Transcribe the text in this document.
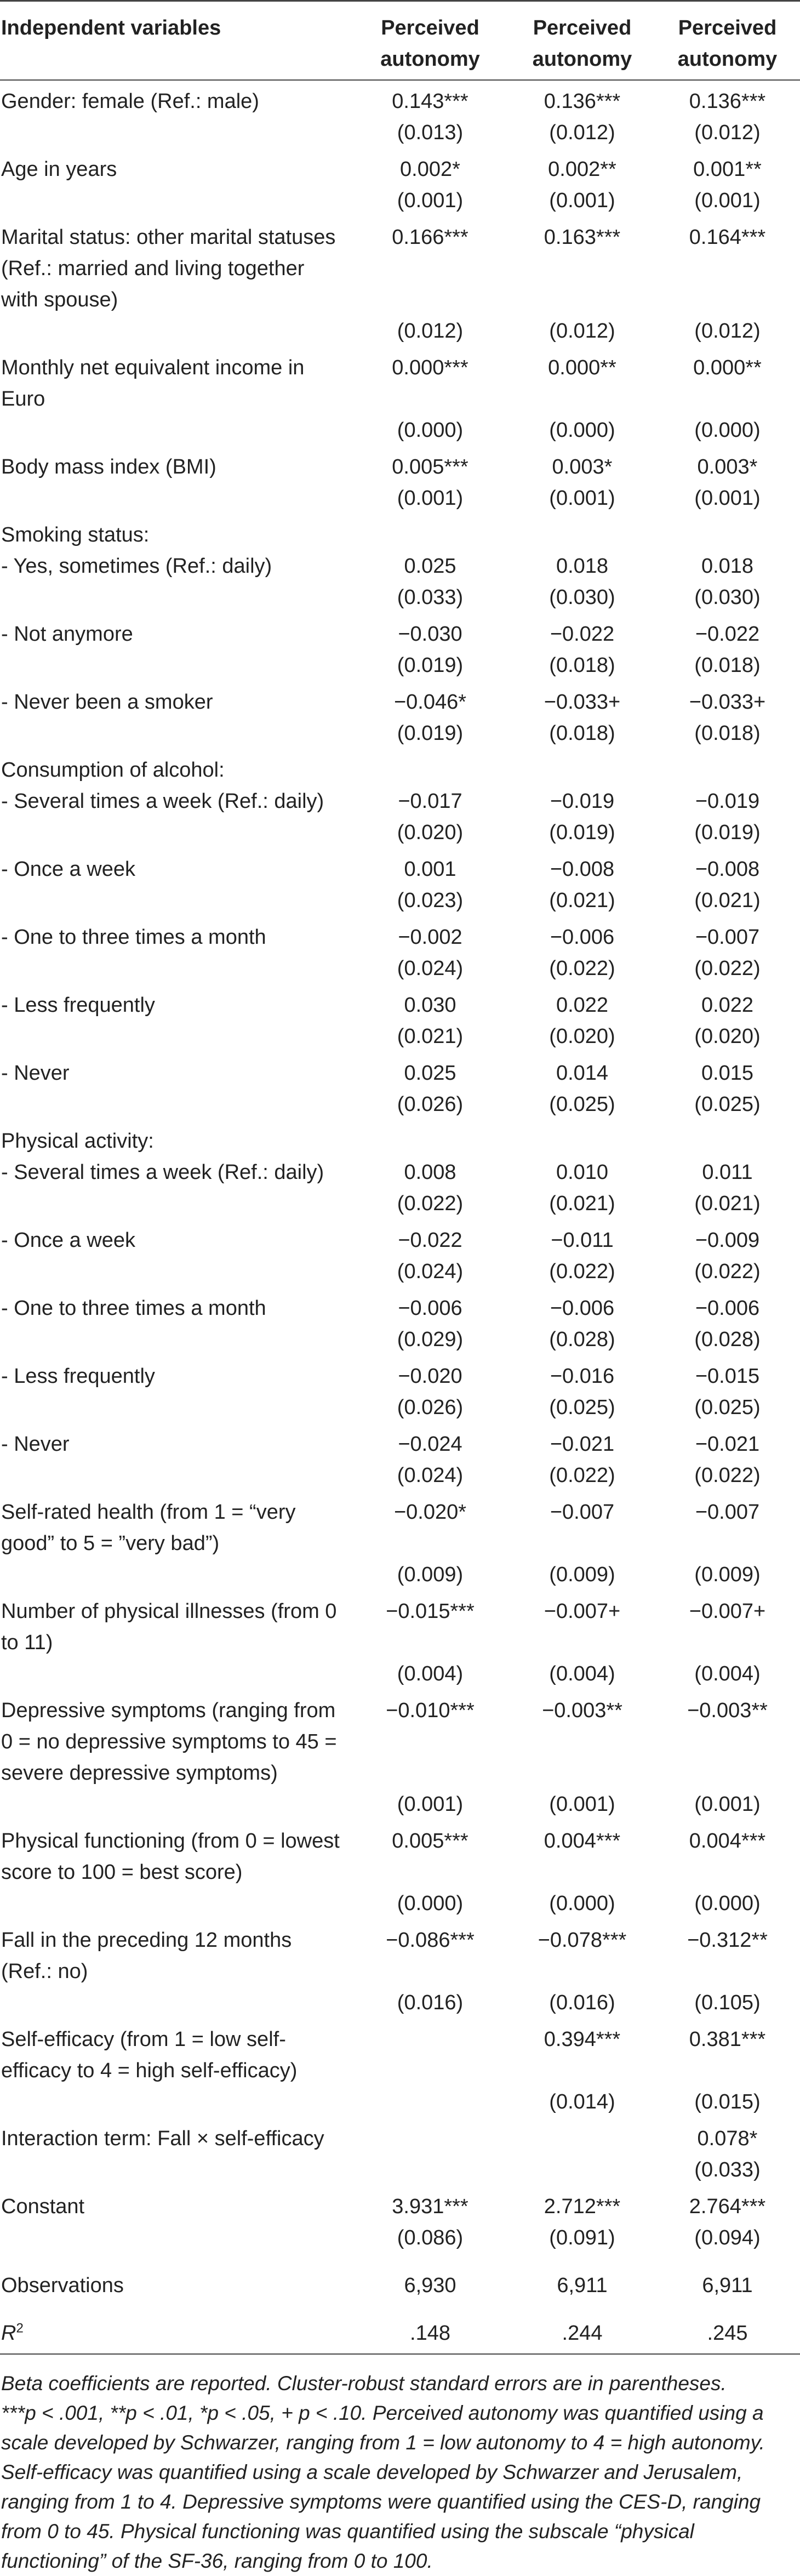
Independent variables	Perceived autonomy	Perceived autonomy	Perceived autonomy
Gender: female (Ref.: male)	0.143***	0.136***	0.136***
	(0.013)	(0.012)	(0.012)
Age in years	0.002*	0.002**	0.001**
	(0.001)	(0.001)	(0.001)
Marital status: other marital statuses (Ref.: married and living together with spouse)	0.166***	0.163***	0.164***
	(0.012)	(0.012)	(0.012)
Monthly net equivalent income in Euro	0.000***	0.000**	0.000**
	(0.000)	(0.000)	(0.000)
Body mass index (BMI)	0.005***	0.003*	0.003*
	(0.001)	(0.001)	(0.001)
Smoking status:			
- Yes, sometimes (Ref.: daily)	0.025	0.018	0.018
	(0.033)	(0.030)	(0.030)
- Not anymore	−0.030	−0.022	−0.022
	(0.019)	(0.018)	(0.018)
- Never been a smoker	−0.046*	−0.033+	−0.033+
	(0.019)	(0.018)	(0.018)
Consumption of alcohol:			
- Several times a week (Ref.: daily)	−0.017	−0.019	−0.019
	(0.020)	(0.019)	(0.019)
- Once a week	0.001	−0.008	−0.008
	(0.023)	(0.021)	(0.021)
- One to three times a month	−0.002	−0.006	−0.007
	(0.024)	(0.022)	(0.022)
- Less frequently	0.030	0.022	0.022
	(0.021)	(0.020)	(0.020)
- Never	0.025	0.014	0.015
	(0.026)	(0.025)	(0.025)
Physical activity:			
- Several times a week (Ref.: daily)	0.008	0.010	0.011
	(0.022)	(0.021)	(0.021)
- Once a week	−0.022	−0.011	−0.009
	(0.024)	(0.022)	(0.022)
- One to three times a month	−0.006	−0.006	−0.006
	(0.029)	(0.028)	(0.028)
- Less frequently	−0.020	−0.016	−0.015
	(0.026)	(0.025)	(0.025)
- Never	−0.024	−0.021	−0.021
	(0.024)	(0.022)	(0.022)
Self-rated health (from 1 = “very good” to 5 = ”very bad”)	−0.020*	−0.007	−0.007
	(0.009)	(0.009)	(0.009)
Number of physical illnesses (from 0 to 11)	−0.015***	−0.007+	−0.007+
	(0.004)	(0.004)	(0.004)
Depressive symptoms (ranging from 0 = no depressive symptoms to 45 = severe depressive symptoms)	−0.010***	−0.003**	−0.003**
	(0.001)	(0.001)	(0.001)
Physical functioning (from 0 = lowest score to 100 = best score)	0.005***	0.004***	0.004***
	(0.000)	(0.000)	(0.000)
Fall in the preceding 12 months (Ref.: no)	−0.086***	−0.078***	−0.312**
	(0.016)	(0.016)	(0.105)
Self-efficacy (from 1 = low self-efficacy to 4 = high self-efficacy)		0.394***	0.381***
		(0.014)	(0.015)
Interaction term: Fall × self-efficacy			0.078*
			(0.033)
Constant	3.931***	2.712***	2.764***
	(0.086)	(0.091)	(0.094)
Observations	6,930	6,911	6,911
$R^2$	.148	.244	.245

Beta coefficients are reported. Cluster-robust standard errors are in parentheses.

***p < .001, **p < .01, *p < .05, + p < .10. Perceived autonomy was quantified using a scale developed by Schwarzer, ranging from 1 = low autonomy to 4 = high autonomy. Self-efficacy was quantified using a scale developed by Schwarzer and Jerusalem, ranging from 1 to 4. Depressive symptoms were quantified using the CES-D, ranging from 0 to 45. Physical functioning was quantified using the subscale “physical functioning” of the SF-36, ranging from 0 to 100.
